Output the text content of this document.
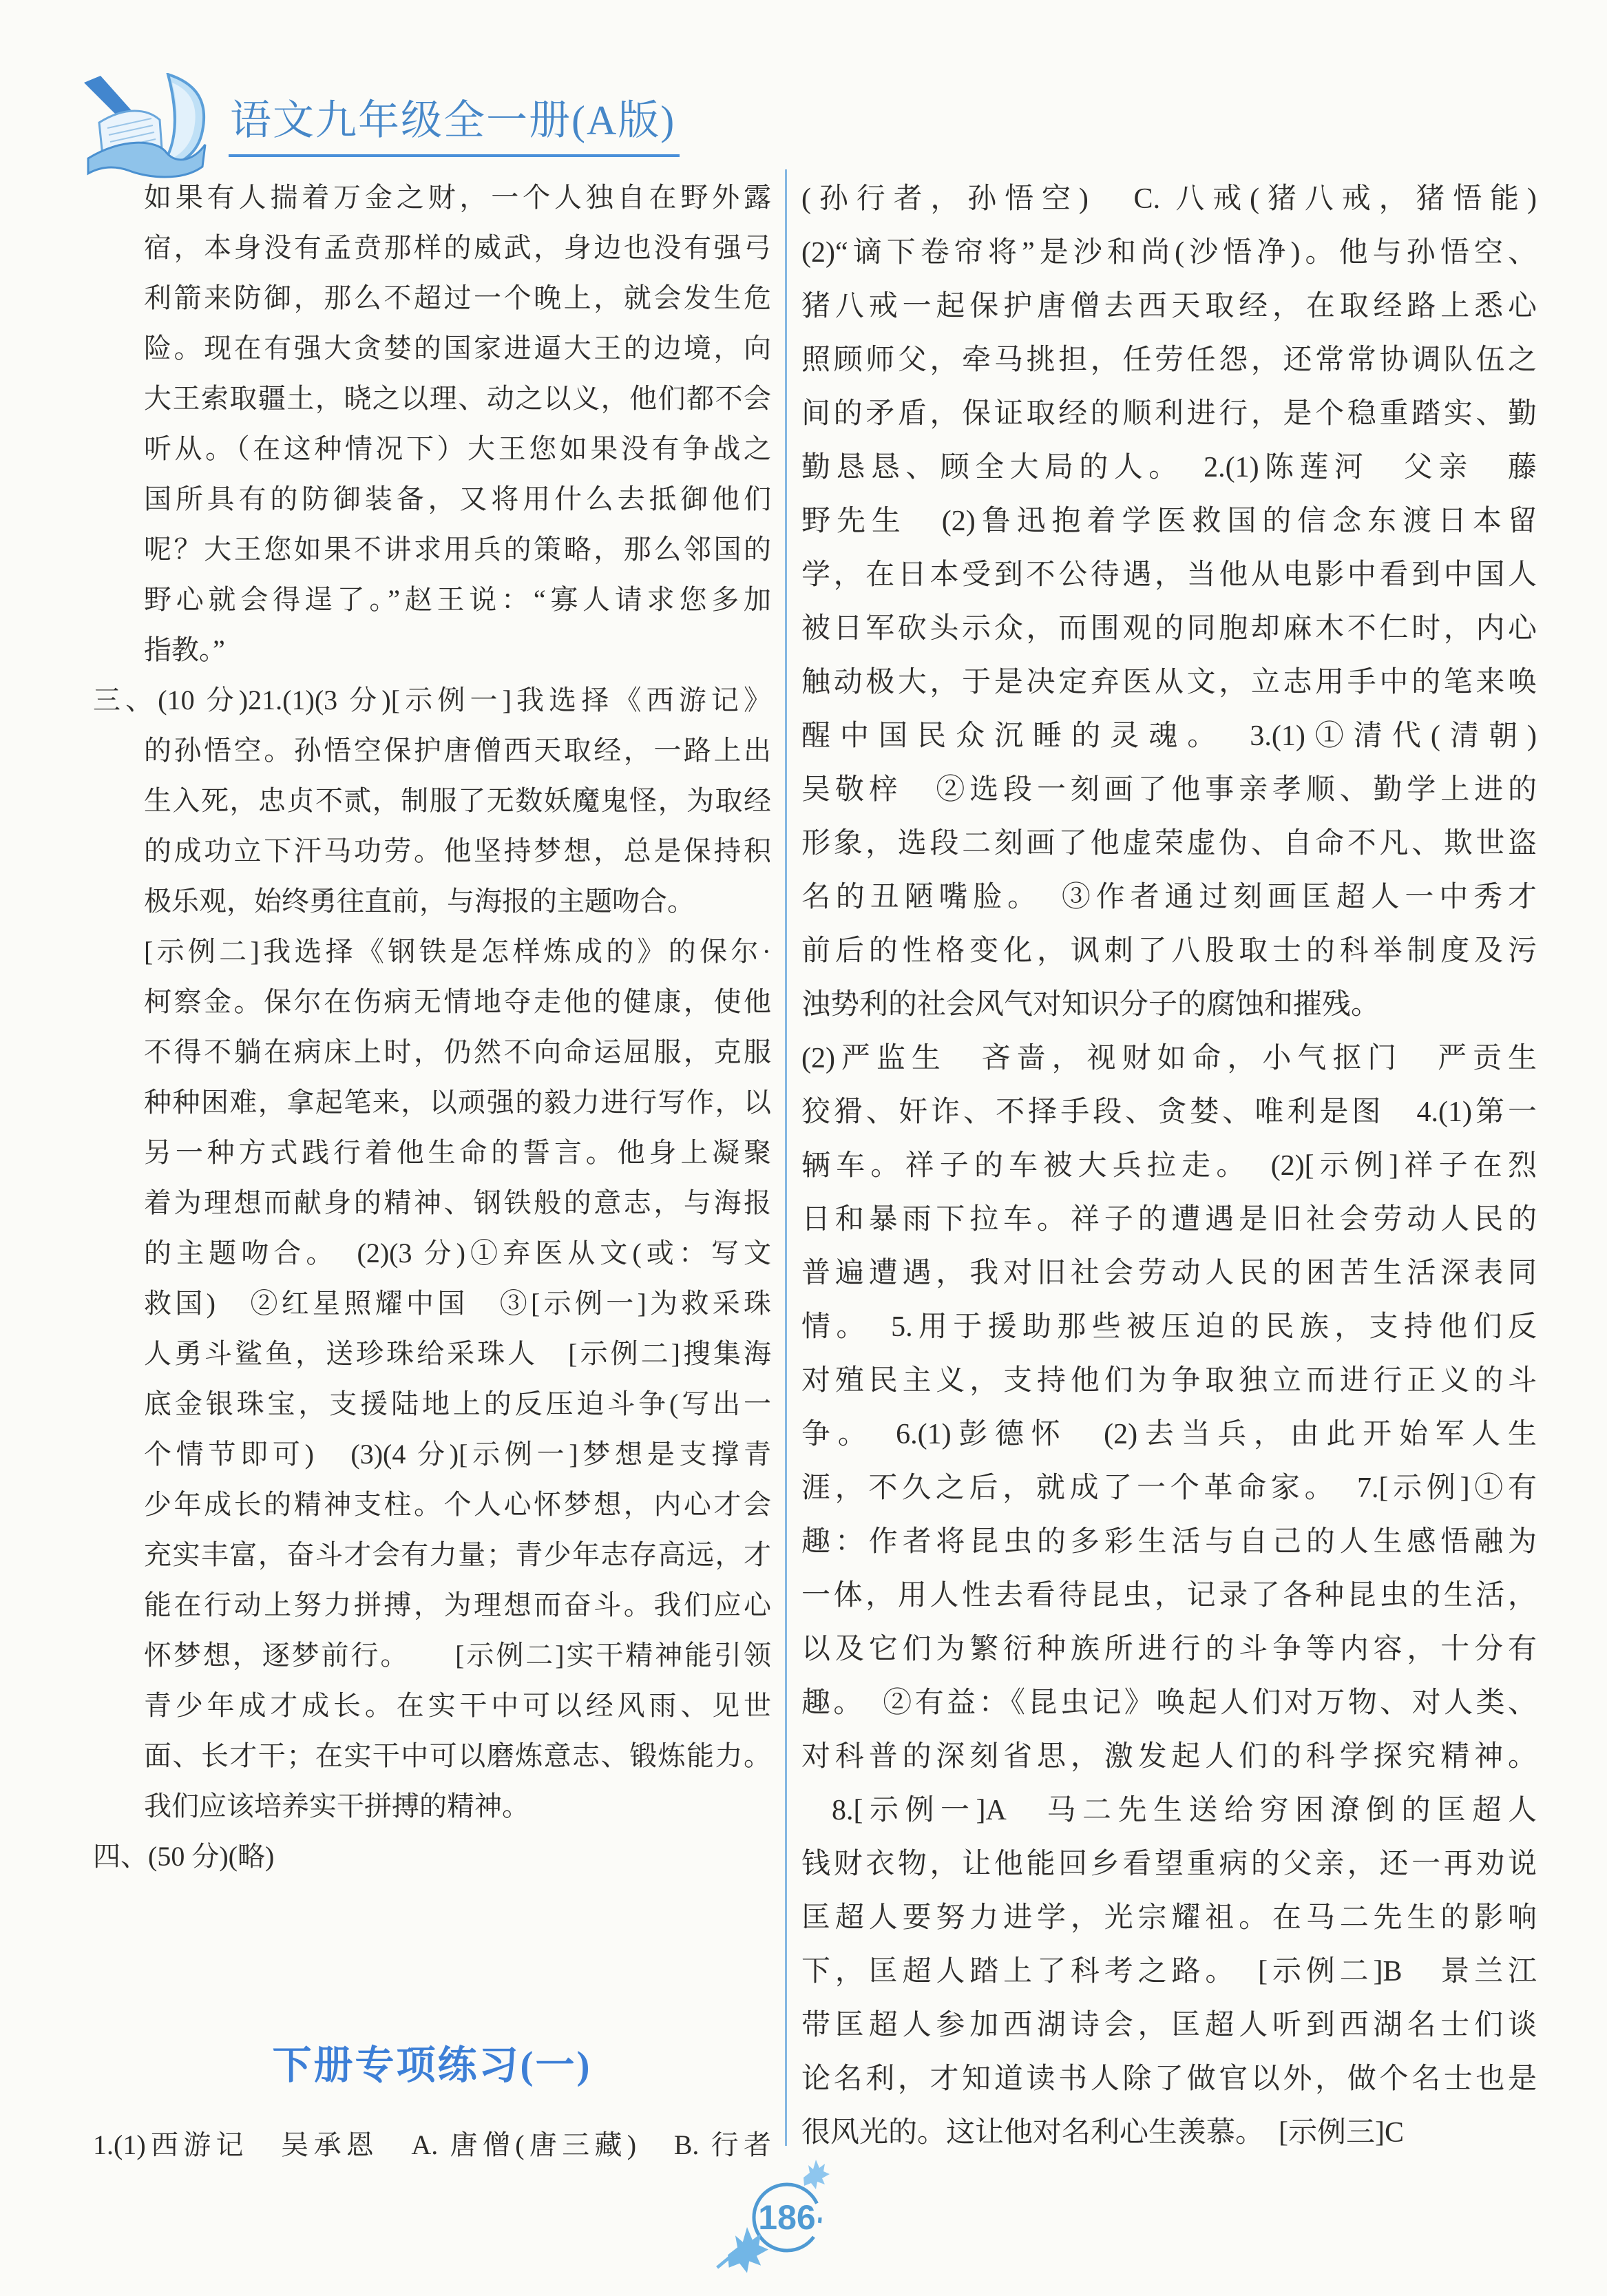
语文九年级全一册(A版)
如果有人揣着万金之财，一个人独自在野外露
宿，本身没有孟贲那样的威武，身边也没有强弓
利箭来防御，那么不超过一个晚上，就会发生危
险。现在有强大贪婪的国家进逼大王的边境，向
大王索取疆土，晓之以理、动之以义，他们都不会
听从。（在这种情况下）大王您如果没有争战之
国所具有的防御装备，又将用什么去抵御他们
呢？大王您如果不讲求用兵的策略，那么邻国的
野心就会得逞了。”赵王说：“寡人请求您多加
指教。”
三、(10 分)21.(1)(3 分)[示例一]我选择《西游记》
的孙悟空。孙悟空保护唐僧西天取经，一路上出
生入死，忠贞不贰，制服了无数妖魔鬼怪，为取经
的成功立下汗马功劳。他坚持梦想，总是保持积
极乐观，始终勇往直前，与海报的主题吻合。
[示例二]我选择《钢铁是怎样炼成的》的保尔·
柯察金。保尔在伤病无情地夺走他的健康，使他
不得不躺在病床上时，仍然不向命运屈服，克服
种种困难，拿起笔来，以顽强的毅力进行写作，以
另一种方式践行着他生命的誓言。他身上凝聚
着为理想而献身的精神、钢铁般的意志，与海报
的主题吻合。　(2)(3 分)①弃医从文(或：写文
救国)　②红星照耀中国　③[示例一]为救采珠
人勇斗鲨鱼，送珍珠给采珠人　[示例二]搜集海
底金银珠宝，支援陆地上的反压迫斗争(写出一
个情节即可)　(3)(4 分)[示例一]梦想是支撑青
少年成长的精神支柱。个人心怀梦想，内心才会
充实丰富，奋斗才会有力量；青少年志存高远，才
能在行动上努力拼搏，为理想而奋斗。我们应心
怀梦想，逐梦前行。　　[示例二]实干精神能引领
青少年成才成长。在实干中可以经风雨、见世
面、长才干；在实干中可以磨炼意志、锻炼能力。
我们应该培养实干拼搏的精神。
四、(50 分)(略)
下册专项练习(一)
1.(1)西游记　吴承恩　A. 唐僧(唐三藏)　B. 行者
(孙行者，孙悟空)　C. 八戒(猪八戒，猪悟能)
(2)“谪下卷帘将”是沙和尚(沙悟净)。他与孙悟空、
猪八戒一起保护唐僧去西天取经，在取经路上悉心
照顾师父，牵马挑担，任劳任怨，还常常协调队伍之
间的矛盾，保证取经的顺利进行，是个稳重踏实、勤
勤恳恳、顾全大局的人。　2.(1)陈莲河　父亲　藤
野先生　(2)鲁迅抱着学医救国的信念东渡日本留
学，在日本受到不公待遇，当他从电影中看到中国人
被日军砍头示众，而围观的同胞却麻木不仁时，内心
触动极大，于是决定弃医从文，立志用手中的笔来唤
醒中国民众沉睡的灵魂。　3.(1)①清代(清朝)
吴敬梓　②选段一刻画了他事亲孝顺、勤学上进的
形象，选段二刻画了他虚荣虚伪、自命不凡、欺世盗
名的丑陋嘴脸。　③作者通过刻画匡超人一中秀才
前后的性格变化，讽刺了八股取士的科举制度及污
浊势利的社会风气对知识分子的腐蚀和摧残。
(2)严监生　吝啬，视财如命，小气抠门　严贡生
狡猾、奸诈、不择手段、贪婪、唯利是图　4.(1)第一
辆车。祥子的车被大兵拉走。　(2)[示例]祥子在烈
日和暴雨下拉车。祥子的遭遇是旧社会劳动人民的
普遍遭遇，我对旧社会劳动人民的困苦生活深表同
情。　5.用于援助那些被压迫的民族，支持他们反
对殖民主义，支持他们为争取独立而进行正义的斗
争。　6.(1)彭德怀　(2)去当兵，由此开始军人生
涯，不久之后，就成了一个革命家。　7.[示例]①有
趣：作者将昆虫的多彩生活与自己的人生感悟融为
一体，用人性去看待昆虫，记录了各种昆虫的生活，
以及它们为繁衍种族所进行的斗争等内容，十分有
趣。　②有益：《昆虫记》唤起人们对万物、对人类、
对科普的深刻省思，激发起人们的科学探究精神。
8.[示例一]A　马二先生送给穷困潦倒的匡超人
钱财衣物，让他能回乡看望重病的父亲，还一再劝说
匡超人要努力进学，光宗耀祖。在马二先生的影响
下，匡超人踏上了科考之路。　[示例二]B　景兰江
带匡超人参加西湖诗会，匡超人听到西湖名士们谈
论名利，才知道读书人除了做官以外，做个名士也是
很风光的。这让他对名利心生羡慕。　[示例三]C
186
